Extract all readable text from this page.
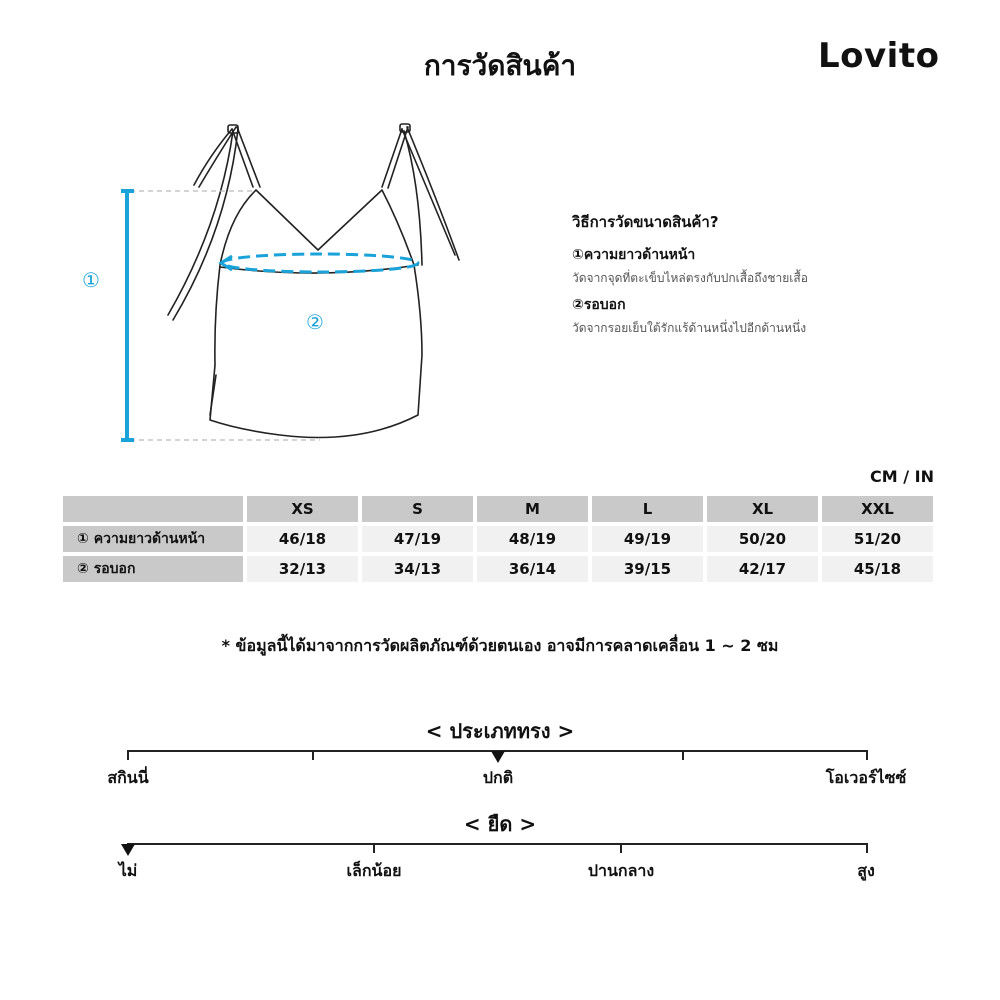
การวัดสินค้า	Lovito
①
②
วิธีการวัดขนาดสินค้า?
①ความยาวด้านหน้า
วัดจากจุดที่ตะเข็บไหล่ตรงกับปกเสื้อถึงชายเสื้อ
②รอบอก
วัดจากรอยเย็บใต้รักแร้ด้านหนึ่งไปอีกด้านหนึ่ง
CM / IN
	XS	S	M	L	XL	XXL
① ความยาวด้านหน้า	46/18	47/19	48/19	49/19	50/20	51/20
② รอบอก	32/13	34/13	36/14	39/15	42/17	45/18
* ข้อมูลนี้ได้มาจากการวัดผลิตภัณฑ์ด้วยตนเอง อาจมีการคลาดเคลื่อน 1 ~ 2 ซม
< ประเภททรง >
สกินนี่	ปกติ	โอเวอร์ไซซ์
< ยืด >
ไม่	เล็กน้อย	ปานกลาง	สูง
